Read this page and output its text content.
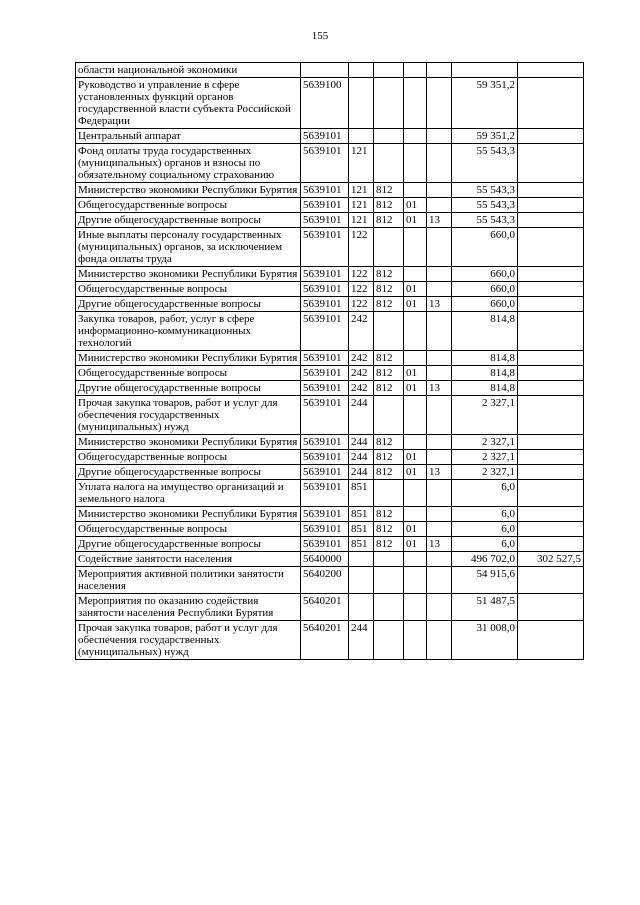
155
области национальной экономики							
Руководство и управление в сфере установленных функций органов государственной власти субъекта Российской Федерации	5639100					59 351,2	
Центральный аппарат	5639101					59 351,2	
Фонд оплаты труда государственных (муниципальных) органов и взносы по обязательному социальному страхованию	5639101	121				55 543,3	
Министерство экономики Республики Бурятия	5639101	121	812			55 543,3	
Общегосударственные вопросы	5639101	121	812	01		55 543,3	
Другие общегосударственные вопросы	5639101	121	812	01	13	55 543,3	
Иные выплаты персоналу государственных (муниципальных) органов, за исключением фонда оплаты труда	5639101	122				660,0	
Министерство экономики Республики Бурятия	5639101	122	812			660,0	
Общегосударственные вопросы	5639101	122	812	01		660,0	
Другие общегосударственные вопросы	5639101	122	812	01	13	660,0	
Закупка товаров, работ, услуг в сфере информационно-коммуникационных технологий	5639101	242				814,8	
Министерство экономики Республики Бурятия	5639101	242	812			814,8	
Общегосударственные вопросы	5639101	242	812	01		814,8	
Другие общегосударственные вопросы	5639101	242	812	01	13	814,8	
Прочая закупка товаров, работ и услуг для обеспечения государственных (муниципальных) нужд	5639101	244				2 327,1	
Министерство экономики Республики Бурятия	5639101	244	812			2 327,1	
Общегосударственные вопросы	5639101	244	812	01		2 327,1	
Другие общегосударственные вопросы	5639101	244	812	01	13	2 327,1	
Уплата налога на имущество организаций и земельного налога	5639101	851				6,0	
Министерство экономики Республики Бурятия	5639101	851	812			6,0	
Общегосударственные вопросы	5639101	851	812	01		6,0	
Другие общегосударственные вопросы	5639101	851	812	01	13	6,0	
Содействие занятости населения	5640000					496 702,0	302 527,5
Мероприятия активной политики занятости населения	5640200					54 915,6	
Мероприятия по оказанию содействия занятости населения Республики Бурятия	5640201					51 487,5	
Прочая закупка товаров, работ и услуг для обеспечения государственных (муниципальных) нужд	5640201	244				31 008,0	
